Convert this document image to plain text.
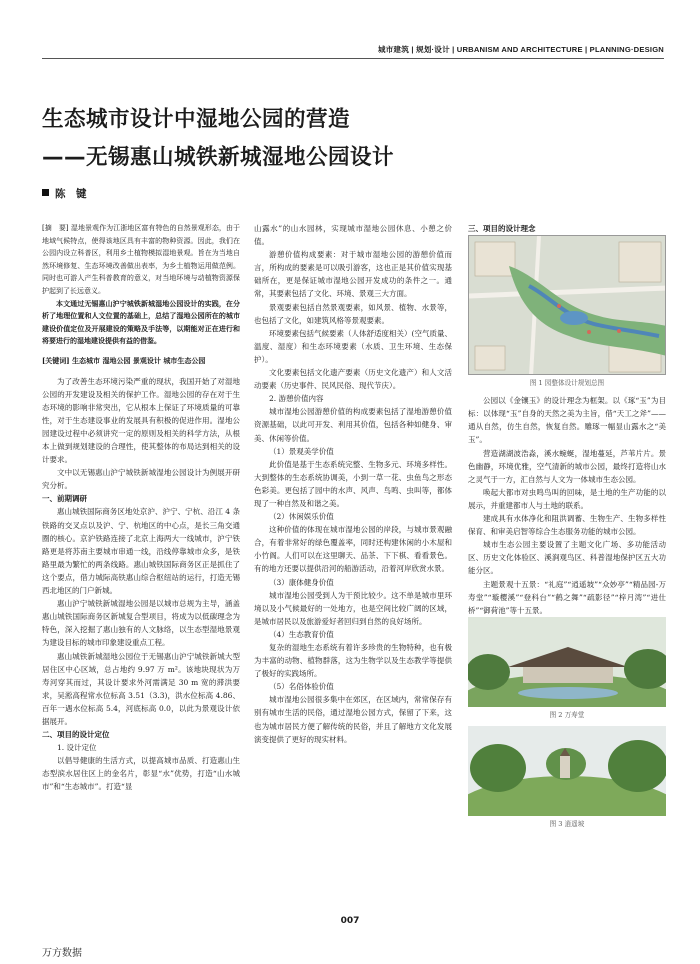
城市建筑 | 规划·设计 | URBANISM AND ARCHITECTURE | PLANNING·DESIGN
生态城市设计中湿地公园的营造
——无锡惠山城铁新城湿地公园设计
陈　键

[摘　要] 湿地景观作为江浙地区富有特色的自然景观形态，由于地域气候特点，使得该地区具有丰富的物种资源。因此，我们在公园内设立科普区，利用乡土植物模拟湿地景观。旨在为当地自然环境修复、生态环境改善做出表率，为乡土植物运用做范例。同时也可游人产生科普教育的意义，对当地环境与动植物资源保护起到了长远意义。

本文通过无锡惠山沪宁城铁新城湿地公园设计的实践，在分析了地理位置和人文位置的基础上，总结了湿地公园所在的城市建设价值定位及开展建设的策略及手法等，以期能对正在进行和将要进行的湿地建设提供有益的借鉴。

[关键词] 生态城市 湿地公园 景观设计 城市生态公园

为了改善生态环境污染严重的现状，我国开始了对湿地公园的开发建设及相关的保护工作。湿地公园的存在对于生态环境的影响非常突出，它从根本上保证了环境质量的可靠性，对于生态建设事业的发展具有积极的促进作用。湿地公园建设过程中必须讲究一定的原则及相关的科学方法，从根本上做到规划建设的合理性，使其整体的布局达到相关的设计要求。

文中以无锡惠山沪宁城铁新城湿地公园设计为例展开研究分析。

一、前期调研

惠山城铁国际商务区地处京沪、沪宁、宁杭、沿江 4 条铁路的交叉点以及沪、宁、杭地区的中心点，是长三角交通圈的核心。京沪铁路连接了北京上海两大一线城市，沪宁铁路更是将苏南主要城市串通一线，沿线停靠城市众多，是铁路里最为繁忙的两条线路。惠山城铁国际商务区正是抓住了这个要点，借力城际高铁惠山综合枢纽站的运行，打造无锡西北地区的门户新城。

惠山沪宁城铁新城湿地公园是以城市总规为主导，涵盖惠山城铁国际商务区新城复合型项目，将成为以低碳理念为特色，深入挖掘了惠山独有的人文脉络，以生态型湿地景观为建设目标的城市印象建设重点工程。

惠山城铁新城湿地公园位于无锡惠山沪宁城铁新城大型居住区中心区域，总占地约 9.97 万 m²。该地块现状为万寿河穿其而过，其设计要求外河需满足 30 m 宽的滞洪要求，吴淞高程常水位标高 3.51（3.3)，洪水位标高 4.86、百年一遇水位标高 5.4，河底标高 0.0，以此为景观设计依据展开。

二、项目的设计定位

1. 设计定位

以倡导健康的生活方式，以提高城市品质、打造惠山生态型滨水居住区上的金名片，彰显“水”优势，打造“山水城市”和“生态城市”。打造“显

山露水”的山水园林，实现城市湿地公园休息、小憩之价值。

游憩价值构成要素：对于城市湿地公园的游憩价值而言，所构成的要素是可以吸引游客，这也正是其价值实现基础所在，更是保证城市湿地公园开发成功的条件之一。通常，其要素包括了文化、环境、景观三大方面。

景观要素包括自然景观要素，如风景、植物、水景等，也包括了文化，如建筑风格等景观要素。

环境要素包括气候要素（人体舒适度相关）(空气质量、温度、湿度）和生态环境要素（水质、卫生环境、生态保护）。

文化要素包括文化遗产要素（历史文化遗产）和人文活动要素（历史事件、民风民俗、现代节庆）。

2. 游憩价值内容

城市湿地公园游憩价值的构成要素包括了湿地游憩价值资源基础，以此可开发、利用其价值，包括各种如健身、审美、休闲等价值。

（1）景观美学价值

此价值是基于生态系统完整、生物多元、环境多样性。大到整体的生态系统协调美，小到一草一花、虫鱼鸟之形态色彩美。更包括了园中的水声、风声、鸟鸣、虫叫等，都体现了一种自然及和谐之美。

（2）休闲娱乐价值

这种价值的体现在城市湿地公园的岸段，与城市景观融合，有着非常好的绿色覆盖率，同时还构建休闲的小木屋和小竹阁。人们可以在这里聊天、品茶、下下棋、看看景色。有的地方还要以提供沿河的船游活动，沿着河岸欣赏水景。

（3）康体健身价值

城市湿地公园受到人为干预比较少。这不单是城市里环境以及小气候最好的一处地方，也是空间比较广阔的区域，是城市居民以及旅游爱好者回归到自然的良好场所。

（4）生态教育价值

复杂的湿地生态系统有着许多珍贵的生物特种，也有极为丰富的动物、植物群落，这为生物学以及生态教学等提供了极好的实践场所。

（5）名俗体验价值

城市湿地公园很多集中在郊区，在区域内，常常保存有别有城市生活的民俗，通过湿地公园方式，保留了下来，这也为城市居民方便了解传统的民俗，并且了解地方文化发展演变提供了更好的现实材料。

三、项目的设计理念

图 1 园整体设计规划总图

公园以《金镶玉》的设计理念为框架。以《琢“玉”为目标：以体现“玉”自身的天然之美为主旨，借“天工之斧”——通从自然，仿生自然，恢复自然。雕琢一幅显山露水之“美玉”。

营造湖湖波浩淼，溪水蜿蜒，湿地蔓延，芦苇片片。景色幽静，环境优雅，空气清新的城市公园，最终打造将山水之灵气于一方，汇自然与人文为一体城市生态公园。

唤起大都市对虫鸣鸟叫的回味，是土地的生产功能的以展示，并重建都市人与土地的联系。

建成具有水体净化和阻洪调蓄、生物生产、生物多样性保育、和审美启智等综合生态服务功能的城市公园。

城市生态公园主要设置了主题文化广场、多功能活动区、历史文化体验区、溪涧观鸟区、科普湿地保护区五大功能分区。

主题景观十五景：“礼庭”“逍遥坡”“众妙亭”“精品园-万寿堂”“璇樱溪”“登科台”“鹤之舞”“疏影径”“梓月湾”“进仕桥”“御荷池”等十五景。

图 2 万寿堂

图 3 逍遥坡

007
万方数据
